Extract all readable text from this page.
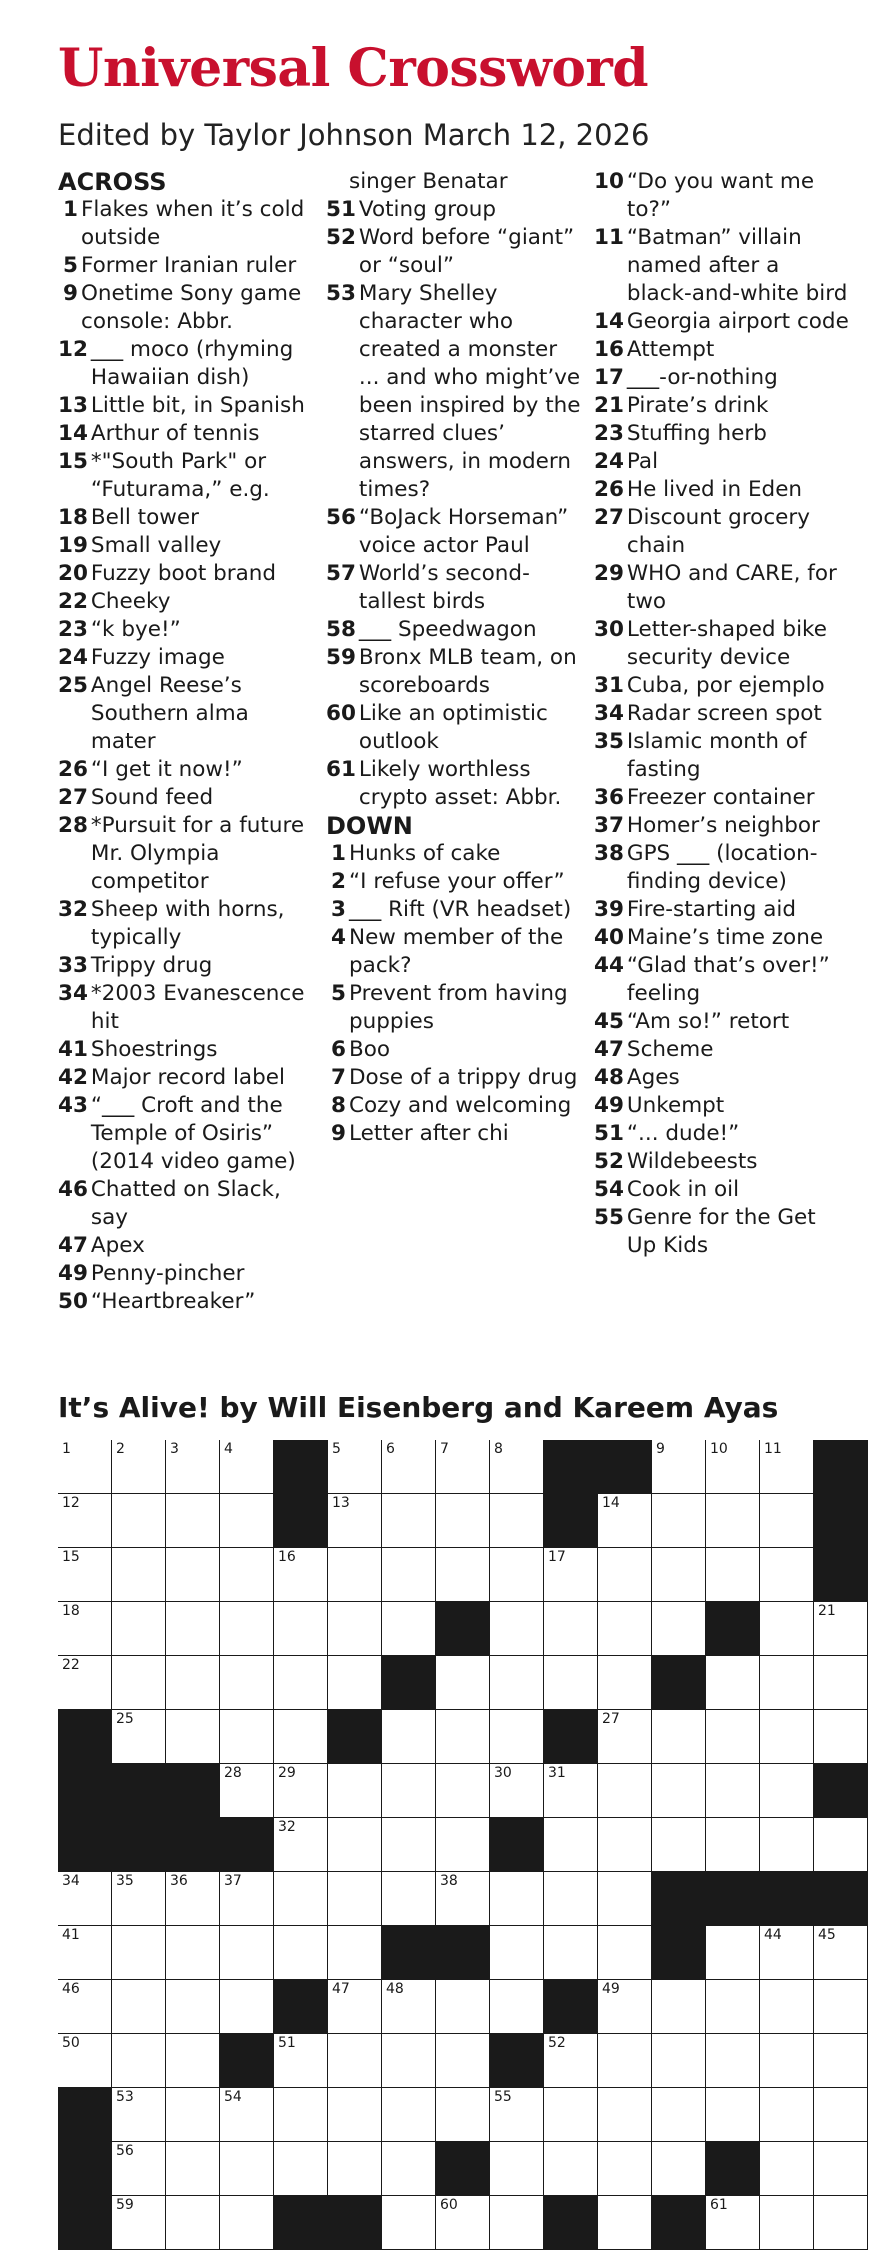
Universal Crossword
Edited by Taylor Johnson March 12, 2026
ACROSS
1 Flakes when it’s cold outside
5 Former Iranian ruler
9 Onetime Sony game console: Abbr.
12 ___ moco (rhyming Hawaiian dish)
13 Little bit, in Spanish
14 Arthur of tennis
15 *"South Park" or “Futurama,” e.g.
18 Bell tower
19 Small valley
20 Fuzzy boot brand
22 Cheeky
23 “k bye!”
24 Fuzzy image
25 Angel Reese’s Southern alma mater
26 “I get it now!”
27 Sound feed
28 *Pursuit for a future Mr. Olympia competitor
32 Sheep with horns, typically
33 Trippy drug
34 *2003 Evanescence hit
41 Shoestrings
42 Major record label
43 “___ Croft and the Temple of Osiris” (2014 video game)
46 Chatted on Slack, say
47 Apex
49 Penny-pincher
50 “Heartbreaker”
singer Benatar
51 Voting group
52 Word before “giant” or “soul”
53 Mary Shelley character who created a monster ... and who might’ve been inspired by the starred clues’ answers, in modern times?
56 “BoJack Horseman” voice actor Paul
57 World’s second-tallest birds
58 ___ Speedwagon
59 Bronx MLB team, on scoreboards
60 Like an optimistic outlook
61 Likely worthless crypto asset: Abbr.
DOWN
1 Hunks of cake
2 “I refuse your offer”
3 ___ Rift (VR headset)
4 New member of the pack?
5 Prevent from having puppies
6 Boo
7 Dose of a trippy drug
8 Cozy and welcoming
9 Letter after chi
10 “Do you want me to?”
11 “Batman” villain named after a black-and-white bird
14 Georgia airport code
16 Attempt
17 ___-or-nothing
21 Pirate’s drink
23 Stuffing herb
24 Pal
26 He lived in Eden
27 Discount grocery chain
29 WHO and CARE, for two
30 Letter-shaped bike security device
31 Cuba, por ejemplo
34 Radar screen spot
35 Islamic month of fasting
36 Freezer container
37 Homer’s neighbor
38 GPS ___ (location-finding device)
39 Fire-starting aid
40 Maine’s time zone
44 “Glad that’s over!” feeling
45 “Am so!” retort
47 Scheme
48 Ages
49 Unkempt
51 “... dude!”
52 Wildebeests
54 Cook in oil
55 Genre for the Get Up Kids
It’s Alive! by Will Eisenberg and Kareem Ayas
1	2	3	4	5	6	7	8	9	10	11
12	13	14
15	16	17
18	21
22
25	27
28	29	30	31
32
34	35	36	37	38
41	44	45
46	47	48	49
50	51	52
53	54	55
56
59	60	61
